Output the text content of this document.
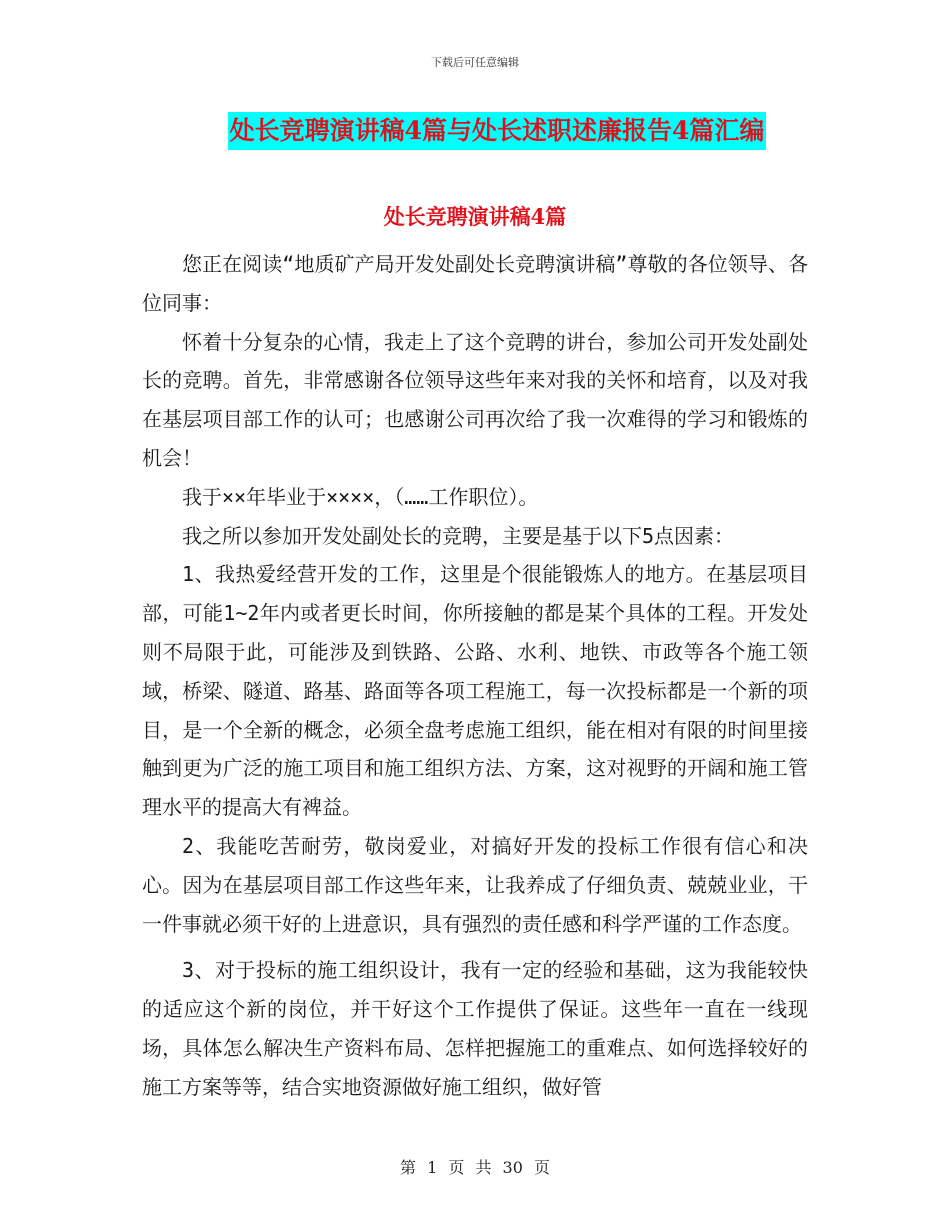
下载后可任意编辑
处长竞聘演讲稿4篇与处长述职述廉报告4篇汇编
处长竞聘演讲稿4篇

您正在阅读“地质矿产局开发处副处长竞聘演讲稿”尊敬的各位领导、各位同事：

怀着十分复杂的心情，我走上了这个竞聘的讲台，参加公司开发处副处长的竞聘。首先，非常感谢各位领导这些年来对我的关怀和培育，以及对我在基层项目部工作的认可；也感谢公司再次给了我一次难得的学习和锻炼的机会！

我于××年毕业于××××，（……工作职位）。

我之所以参加开发处副处长的竞聘，主要是基于以下5点因素：

1、我热爱经营开发的工作，这里是个很能锻炼人的地方。在基层项目部，可能1~2年内或者更长时间，你所接触的都是某个具体的工程。开发处则不局限于此，可能涉及到铁路、公路、水利、地铁、市政等各个施工领域，桥梁、隧道、路基、路面等各项工程施工，每一次投标都是一个新的项目，是一个全新的概念，必须全盘考虑施工组织，能在相对有限的时间里接触到更为广泛的施工项目和施工组织方法、方案，这对视野的开阔和施工管理水平的提高大有裨益。

2、我能吃苦耐劳，敬岗爱业，对搞好开发的投标工作很有信心和决心。因为在基层项目部工作这些年来，让我养成了仔细负责、兢兢业业，干一件事就必须干好的上进意识，具有强烈的责任感和科学严谨的工作态度。

3、对于投标的施工组织设计，我有一定的经验和基础，这为我能较快的适应这个新的岗位，并干好这个工作提供了保证。这些年一直在一线现场，具体怎么解决生产资料布局、怎样把握施工的重难点、如何选择较好的施工方案等等，结合实地资源做好施工组织，做好管

第 1 页 共 30 页
